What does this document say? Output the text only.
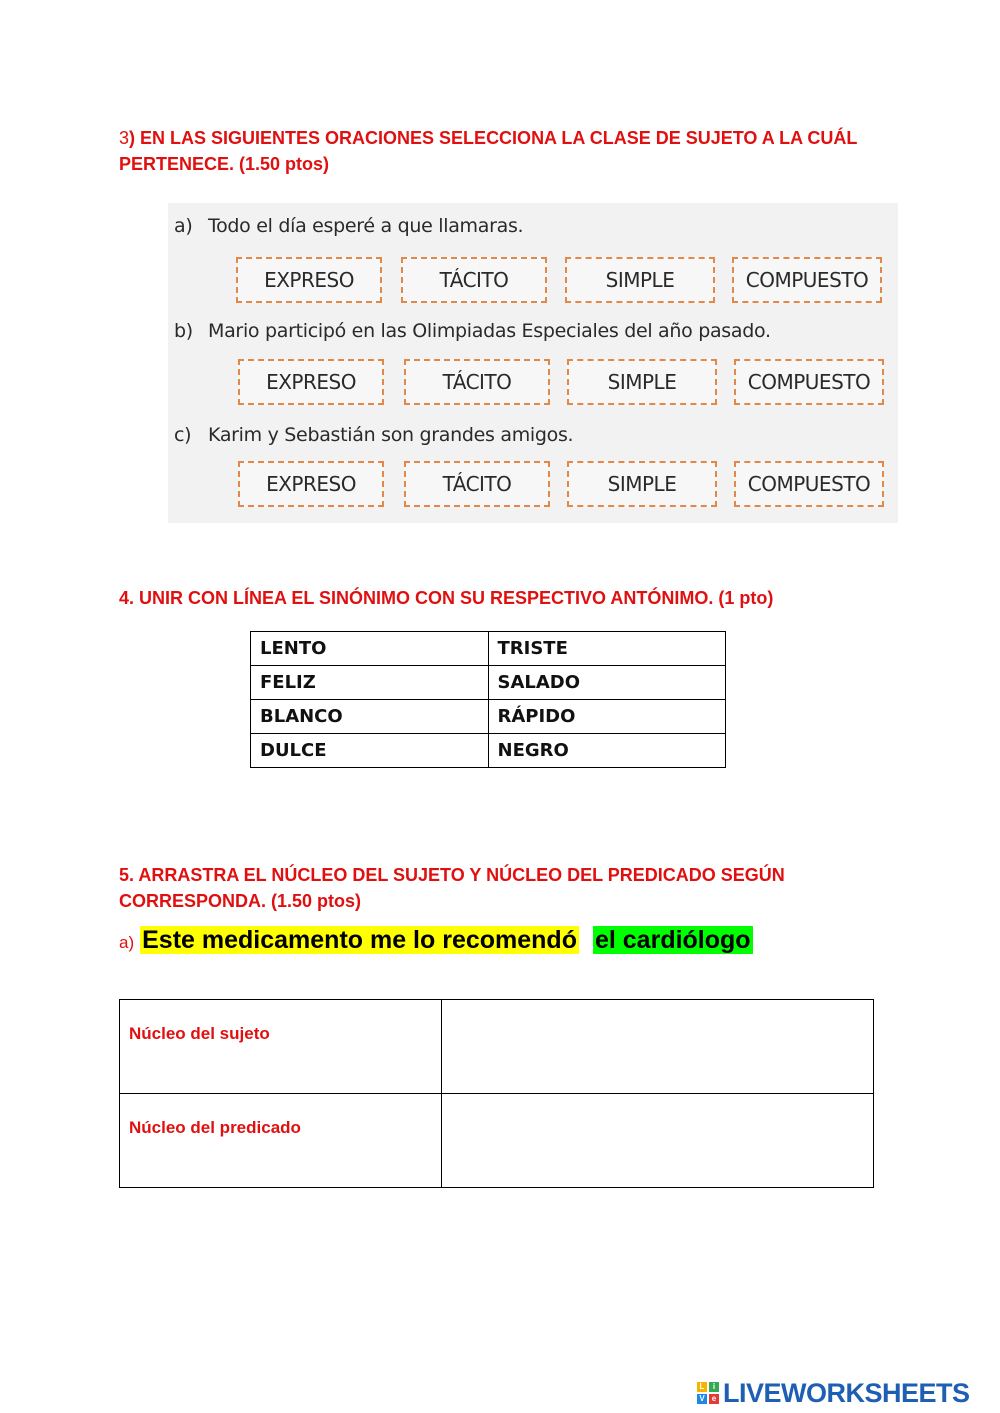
3) EN LAS SIGUIENTES ORACIONES SELECCIONA LA CLASE DE SUJETO A LA CUÁL PERTENECE. (1.50 ptos)
a) Todo el día esperé a que llamaras.
EXPRESO	TÁCITO	SIMPLE	COMPUESTO
b) Mario participó en las Olimpiadas Especiales del año pasado.
EXPRESO	TÁCITO	SIMPLE	COMPUESTO
c) Karim y Sebastián son grandes amigos.
EXPRESO	TÁCITO	SIMPLE	COMPUESTO
4. UNIR CON LÍNEA EL SINÓNIMO CON SU RESPECTIVO ANTÓNIMO. (1 pto)
LENTO	TRISTE
FELIZ	SALADO
BLANCO	RÁPIDO
DULCE	NEGRO
5. ARRASTRA EL NÚCLEO DEL SUJETO Y NÚCLEO DEL PREDICADO SEGÚN CORRESPONDA. (1.50 ptos)
a) Este medicamento me lo recomendó el cardiólogo
Núcleo del sujeto	
Núcleo del predicado	
L	i
V e LIVEWORKSHEETS
